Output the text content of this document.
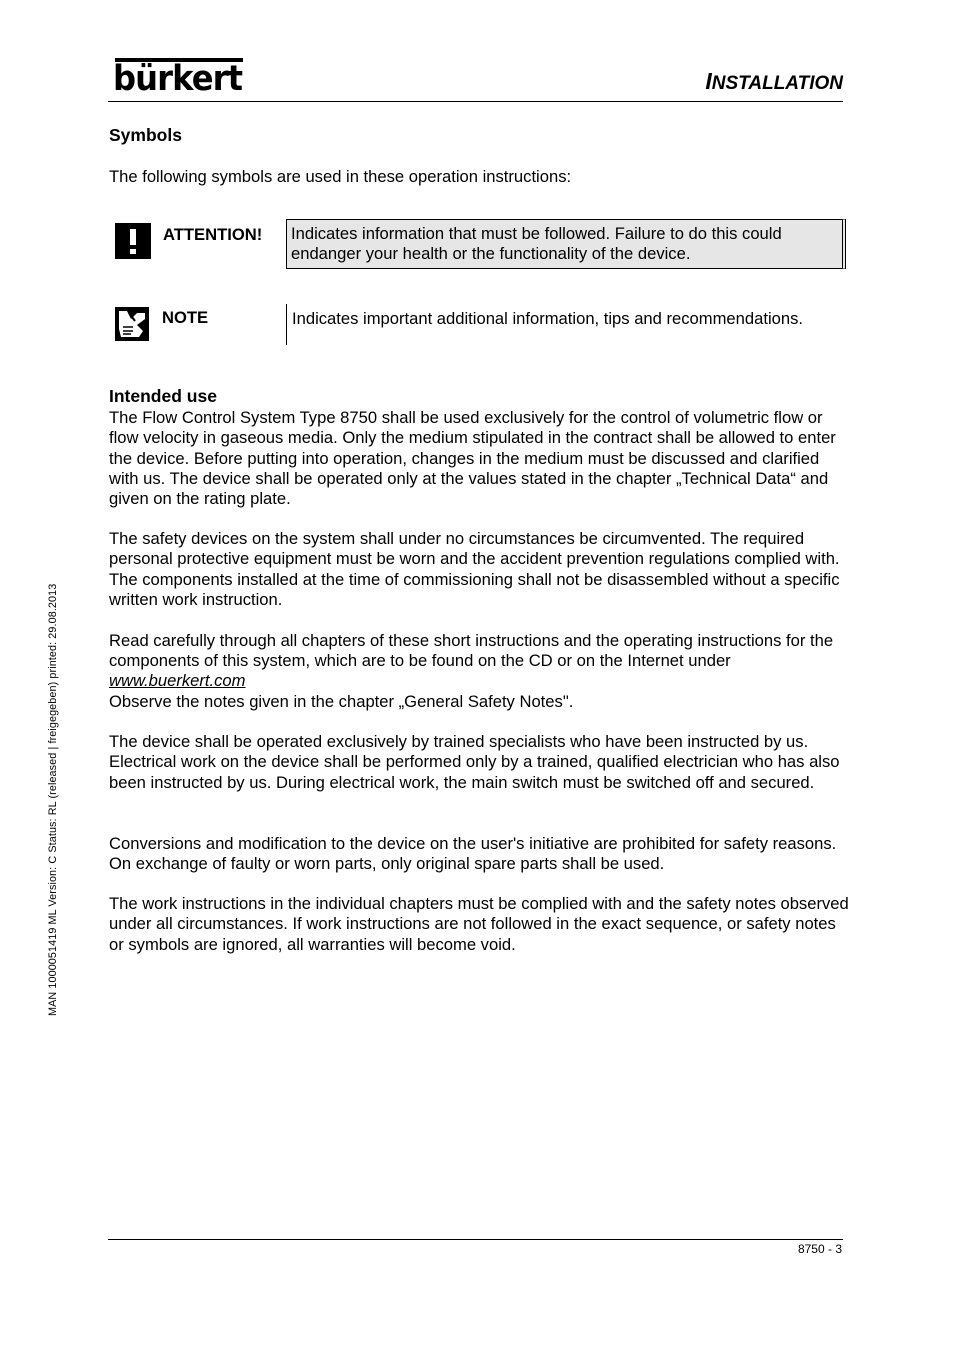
bürkert	INSTALLATION
Symbols

The following symbols are used in these operation instructions:

ATTENTION!	Indicates information that must be followed. Failure to do this could endanger your health or the functionality of the device.
NOTE	Indicates important additional information, tips and recommendations.
Intended use

The Flow Control System Type 8750 shall be used exclusively for the control of volumetric flow or flow velocity in gaseous media. Only the medium stipulated in the contract shall be allowed to enter the device. Before putting into operation, changes in the medium must be discussed and clarified with us. The device shall be operated only at the values stated in the chapter „Technical Data“ and given on the rating plate.

The safety devices on the system shall under no circumstances be circumvented. The required personal protective equipment must be worn and the accident prevention regulations complied with. The components installed at the time of commissioning shall not be disassembled without a specific written work instruction.

Read carefully through all chapters of these short instructions and the operating instructions for the components of this system, which are to be found on the CD or on the Internet under

www.buerkert.com

Observe the notes given in the chapter „General Safety Notes".

The device shall be operated exclusively by trained specialists who have been instructed by us. Electrical work on the device shall be performed only by a trained, qualified electrician who has also been instructed by us. During electrical work, the main switch must be switched off and secured.

Conversions and modification to the device on the user's initiative are prohibited for safety reasons. On exchange of faulty or worn parts, only original spare parts shall be used.

The work instructions in the individual chapters must be complied with and the safety notes observed under all circumstances. If work instructions are not followed in the exact sequence, or safety notes or symbols are ignored, all warranties will become void.

8750 - 3
MAN 1000051419 ML Version: C Status: RL (released | freigegeben) printed: 29.08.2013
